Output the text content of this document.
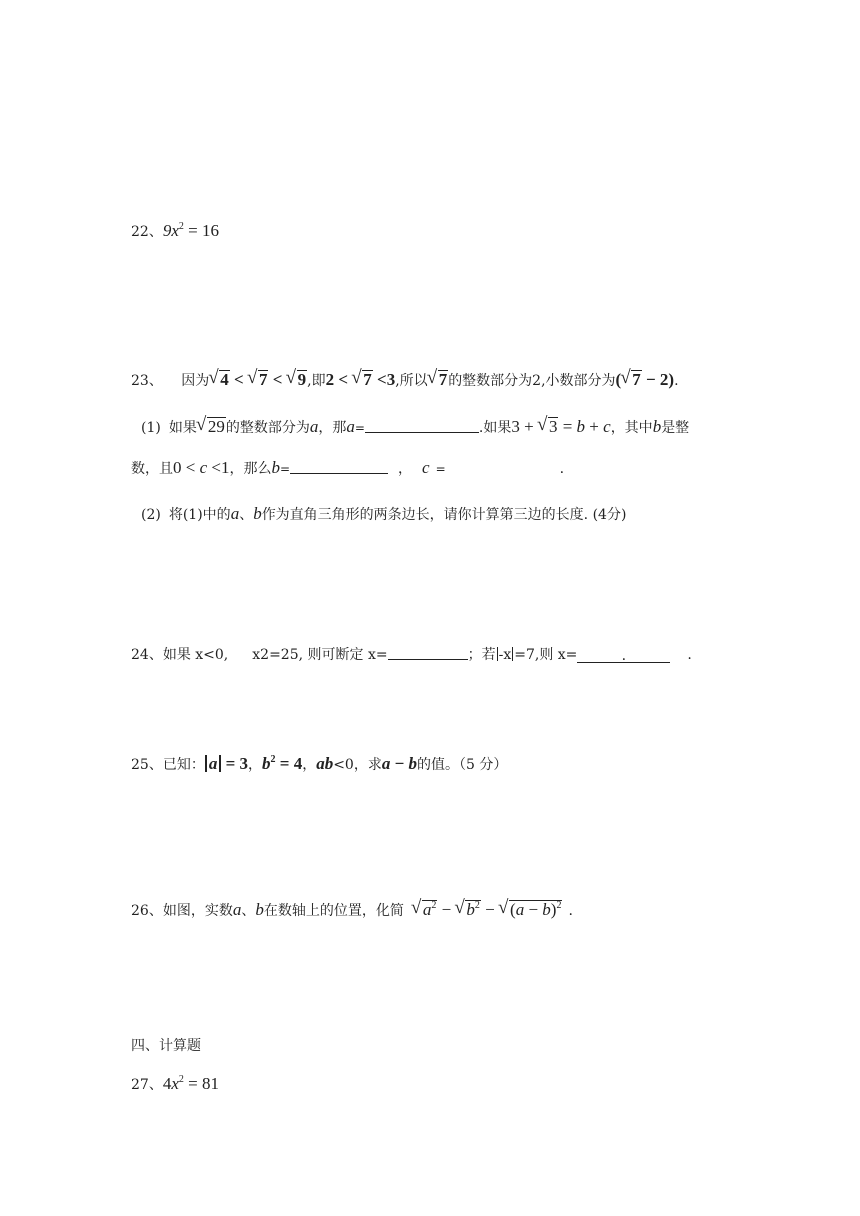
22、$9x^2 = 16$
23、 因为 √ 4 < √ 7 < √ 9,即2 < √ 7 <3,所以 √ 7的整数部分为2,小数部分为( √ 7 − 2).
(1) 如果 √ 29的整数部分为a，那a=	.如果3 + √ 3 = b + c，其中b是整
数，且0 < c <1，那么b=	， c =	.
(2) 将(1)中的a、b作为直角三角形的两条边长，请你计算第三边的长度. (4分)
24、如果 x<0, x2=25, 则可断定 x=	；若 -x =7,则 x=	.	.
25、已知： a = 3，$b^2 = 4$，ab<0，求a − b的值。（5 分）
26、如图，实数a、b在数轴上的位置，化简 √ $a^2$ − √ $b^2$ − √ $(a - b)^2$ .
四、计算题
27、$4x^2 = 81$
